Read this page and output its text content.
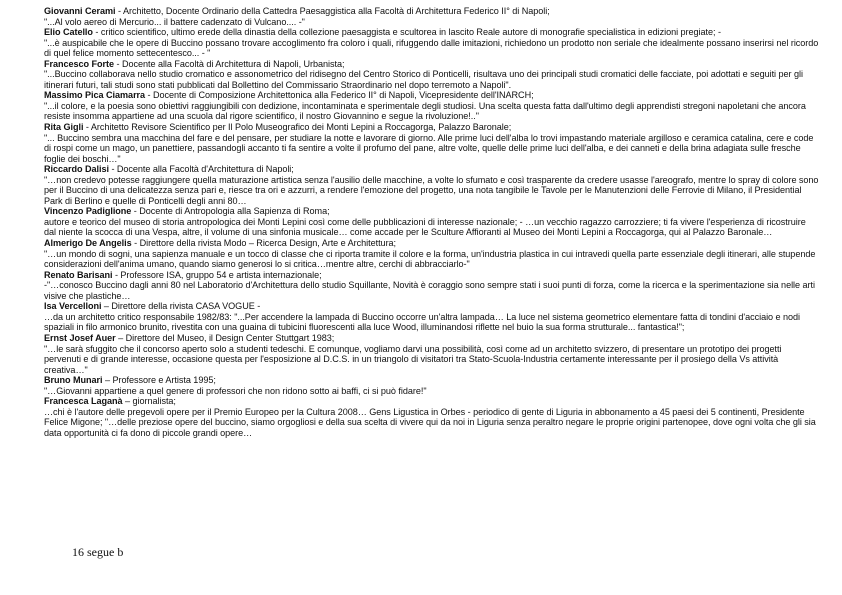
Giovanni Cerami - Architetto, Docente Ordinario della Cattedra Paesaggistica alla Facoltà di Architettura Federico II° di Napoli;

"...Al volo aereo di Mercurio... il battere cadenzato di Vulcano.... -"

Elio Catello - critico scientifico, ultimo erede della dinastia della collezione paesaggista e scultorea in lascito Reale autore di monografie specialistica in edizioni pregiate; -

"...è auspicabile che le opere di Buccino possano trovare accoglimento fra coloro i quali, rifuggendo dalle imitazioni, richiedono un prodotto non seriale che idealmente possano inserirsi nel ricordo di quel felice momento settecentesco... - "

Francesco Forte - Docente alla Facoltà di Architettura di Napoli, Urbanista;

"...Buccino collaborava nello studio cromatico e assonometrico del ridisegno del Centro Storico di Ponticelli, risultava uno dei principali studi cromatici delle facciate, poi adottati e seguiti per gli itinerari futuri, tali studi sono stati pubblicati dal Bollettino del Commissario Straordinario nel dopo terremoto a Napoli".

Massimo Pica Ciamarra - Docente di Composizione Architettonica alla Federico II° di Napoli, Vicepresidente dell'INARCH;

"...il colore, e la poesia sono obiettivi raggiungibili con dedizione, incontaminata e sperimentale degli studiosi. Una scelta questa fatta dall'ultimo degli apprendisti stregoni napoletani che ancora resiste insomma appartiene ad una scuola dal rigore scientifico, il nostro Giovannino e segue la rivoluzione!.."

Rita Gigli - Architetto Revisore Scientifico per Il Polo Museografico dei Monti Lepini a Roccagorga, Palazzo Baronale;

"... Buccino sembra una macchina del fare e del pensare, per studiare la notte e lavorare di giorno. Alle prime luci dell'alba lo trovi impastando materiale argilloso e ceramica catalina, cere e code di rospi come un mago, un panettiere, passandogli accanto ti fa sentire a volte il profumo del pane, altre volte, quelle delle prime luci dell'alba, e dei canneti e della brina adagiata sulle fresche foglie dei boschi…"

Riccardo Dalisi - Docente alla Facoltà d'Architettura di Napoli;

"…non credevo potesse raggiungere quella maturazione artistica senza l'ausilio delle macchine, a volte lo sfumato e così trasparente da credere usasse l'areografo, mentre lo spray di colore sono per il Buccino di una delicatezza senza pari e, riesce tra ori e azzurri, a rendere l'emozione del progetto, una nota tangibile le Tavole per le Manutenzioni delle Ferrovie di Milano, il Presidential Park di Berlino e quelle di Ponticelli degli anni 80…

Vincenzo Padiglione - Docente di Antropologia alla Sapienza di Roma;

autore e teorico del museo di storia antropologica dei Monti Lepini così come delle pubblicazioni di interesse nazionale; - …un vecchio ragazzo carrozziere; ti fa vivere l'esperienza di ricostruire dal niente la scocca di una Vespa, altre, il volume di una sinfonia musicale… come accade per le Sculture Affioranti al Museo dei Monti Lepini a Roccagorga, qui al Palazzo Baronale…

Almerigo De Angelis - Direttore della rivista Modo – Ricerca Design, Arte e Architettura;

"…un mondo di sogni, una sapienza manuale e un tocco di classe che ci riporta tramite il colore e la forma, un'industria plastica in cui intravedi quella parte essenziale degli itinerari, alle stupende considerazioni dell'anima umano, quando siamo generosi lo si critica…mentre altre, cerchi di abbracciarlo-"

Renato Barisani - Professore ISA, gruppo 54 e artista internazionale;

-"…conosco Buccino dagli anni 80 nel Laboratorio d'Architettura dello studio Squillante, Novità è coraggio sono sempre stati i suoi punti di forza, come la ricerca e la sperimentazione sia nelle arti visive che plastiche…

Isa Vercelloni – Direttore della rivista CASA VOGUE -

…da un architetto critico responsabile 1982/83: "...Per accendere la lampada di Buccino occorre un'altra lampada… La luce nel sistema geometrico elementare fatta di tondini d'acciaio e nodi spaziali in filo armonico brunito, rivestita con una guaina di tubicini fluorescenti alla luce Wood, illuminandosi riflette nel buio la sua forma strutturale... fantastica!";

Ernst Josef Auer – Direttore del Museo, il Design Center Stuttgart 1983;

"…le sarà sfuggito che il concorso aperto solo a studenti tedeschi. E comunque, vogliamo darvi una possibilità, così come ad un architetto svizzero, di presentare un prototipo dei progetti pervenuti e di grande interesse, occasione questa per l'esposizione al D.C.S. in un triangolo di visitatori tra Stato-Scuola-Industria certamente interessante per il prosiego della Vs attività creativa…"

Bruno Munari – Professore e Artista 1995;

"…Giovanni appartiene a quel genere di professori che non ridono sotto ai baffi, ci si può fidare!"

Francesca Laganà – giornalista;

…chi è l'autore delle pregevoli opere per il Premio Europeo per la Cultura 2008… Gens Ligustica in Orbes - periodico di gente di Liguria in abbonamento a 45 paesi dei 5 continenti, Presidente Felice Migone; "…delle preziose opere del buccino, siamo orgogliosi e della sua scelta di vivere qui da noi in Liguria senza peraltro negare le proprie origini partenopee, dove ogni volta che gli sia data opportunità ci fa dono di piccole grandi opere…

16 segue b
